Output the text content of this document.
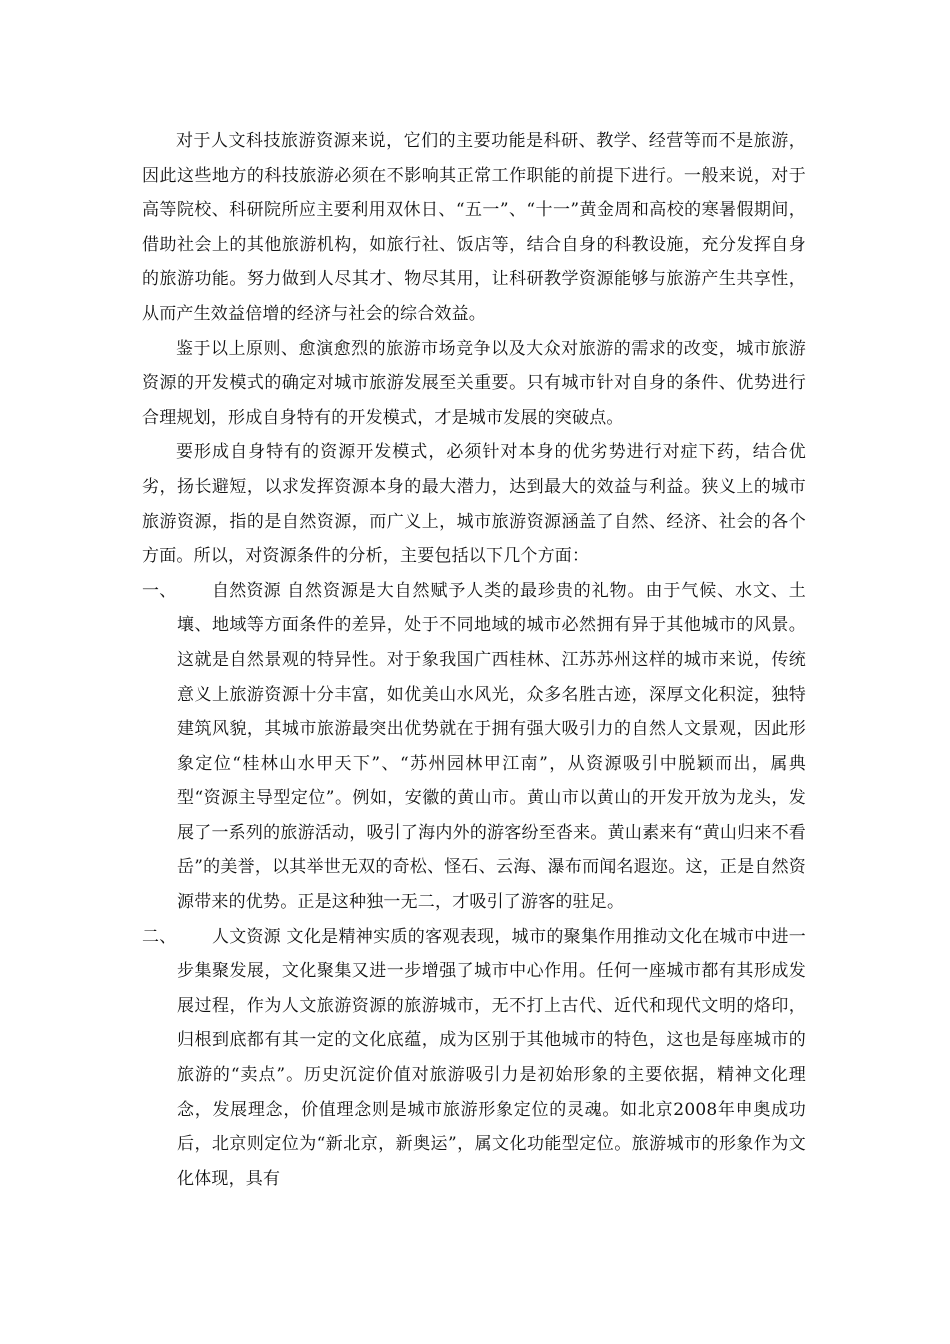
对于人文科技旅游资源来说，它们的主要功能是科研、教学、经营等而不是旅游，因此这些地方的科技旅游必须在不影响其正常工作职能的前提下进行。一般来说，对于高等院校、科研院所应主要利用双休日、“五一”、“十一”黄金周和高校的寒暑假期间，借助社会上的其他旅游机构，如旅行社、饭店等，结合自身的科教设施，充分发挥自身的旅游功能。努力做到人尽其才、物尽其用，让科研教学资源能够与旅游产生共享性，从而产生效益倍增的经济与社会的综合效益。

鉴于以上原则、愈演愈烈的旅游市场竞争以及大众对旅游的需求的改变，城市旅游资源的开发模式的确定对城市旅游发展至关重要。只有城市针对自身的条件、优势进行合理规划，形成自身特有的开发模式，才是城市发展的突破点。

要形成自身特有的资源开发模式，必须针对本身的优劣势进行对症下药，结合优劣，扬长避短，以求发挥资源本身的最大潜力，达到最大的效益与利益。狭义上的城市旅游资源，指的是自然资源，而广义上，城市旅游资源涵盖了自然、经济、社会的各个方面。所以，对资源条件的分析，主要包括以下几个方面：

一、 自然资源 自然资源是大自然赋予人类的最珍贵的礼物。由于气候、水文、土壤、地域等方面条件的差异，处于不同地域的城市必然拥有异于其他城市的风景。这就是自然景观的特异性。对于象我国广西桂林、江苏苏州这样的城市来说，传统意义上旅游资源十分丰富，如优美山水风光，众多名胜古迹，深厚文化积淀，独特建筑风貌，其城市旅游最突出优势就在于拥有强大吸引力的自然人文景观，因此形象定位“桂林山水甲天下”、“苏州园林甲江南”，从资源吸引中脱颖而出，属典型“资源主导型定位”。例如，安徽的黄山市。黄山市以黄山的开发开放为龙头，发展了一系列的旅游活动，吸引了海内外的游客纷至沓来。黄山素来有“黄山归来不看岳”的美誉，以其举世无双的奇松、怪石、云海、瀑布而闻名遐迩。这，正是自然资源带来的优势。正是这种独一无二，才吸引了游客的驻足。
二、 人文资源 文化是精神实质的客观表现，城市的聚集作用推动文化在城市中进一步集聚发展，文化聚集又进一步增强了城市中心作用。任何一座城市都有其形成发展过程，作为人文旅游资源的旅游城市，无不打上古代、近代和现代文明的烙印，归根到底都有其一定的文化底蕴，成为区别于其他城市的特色，这也是每座城市的旅游的“卖点”。历史沉淀价值对旅游吸引力是初始形象的主要依据，精神文化理念，发展理念，价值理念则是城市旅游形象定位的灵魂。如北京2008年申奥成功后，北京则定位为“新北京，新奥运”，属文化功能型定位。旅游城市的形象作为文化体现，具有
